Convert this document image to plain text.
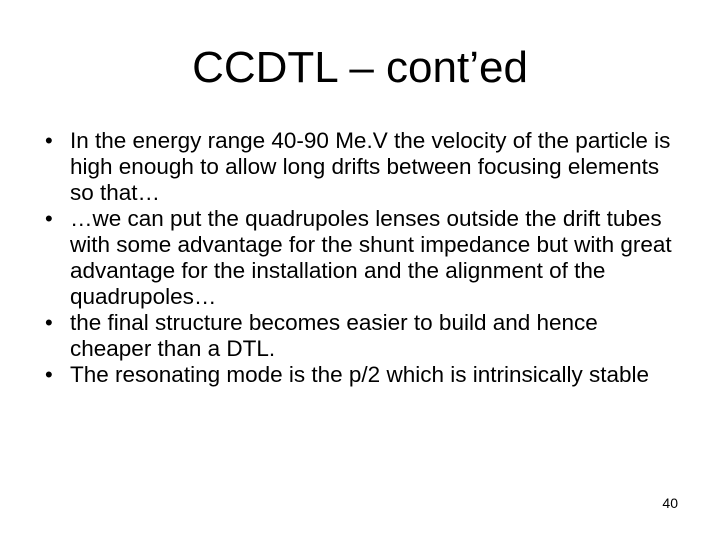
CCDTL – cont’ed
• In the energy range 40-90 Me.V the velocity of the particle is high enough to allow long drifts between focusing elements so that…
• …we can put the quadrupoles lenses outside the drift tubes with some advantage for the shunt impedance but with great advantage for the installation and the alignment of the quadrupoles…
• the final structure becomes easier to build and hence cheaper than a DTL.
• The resonating mode is the p/2 which is intrinsically stable
40
